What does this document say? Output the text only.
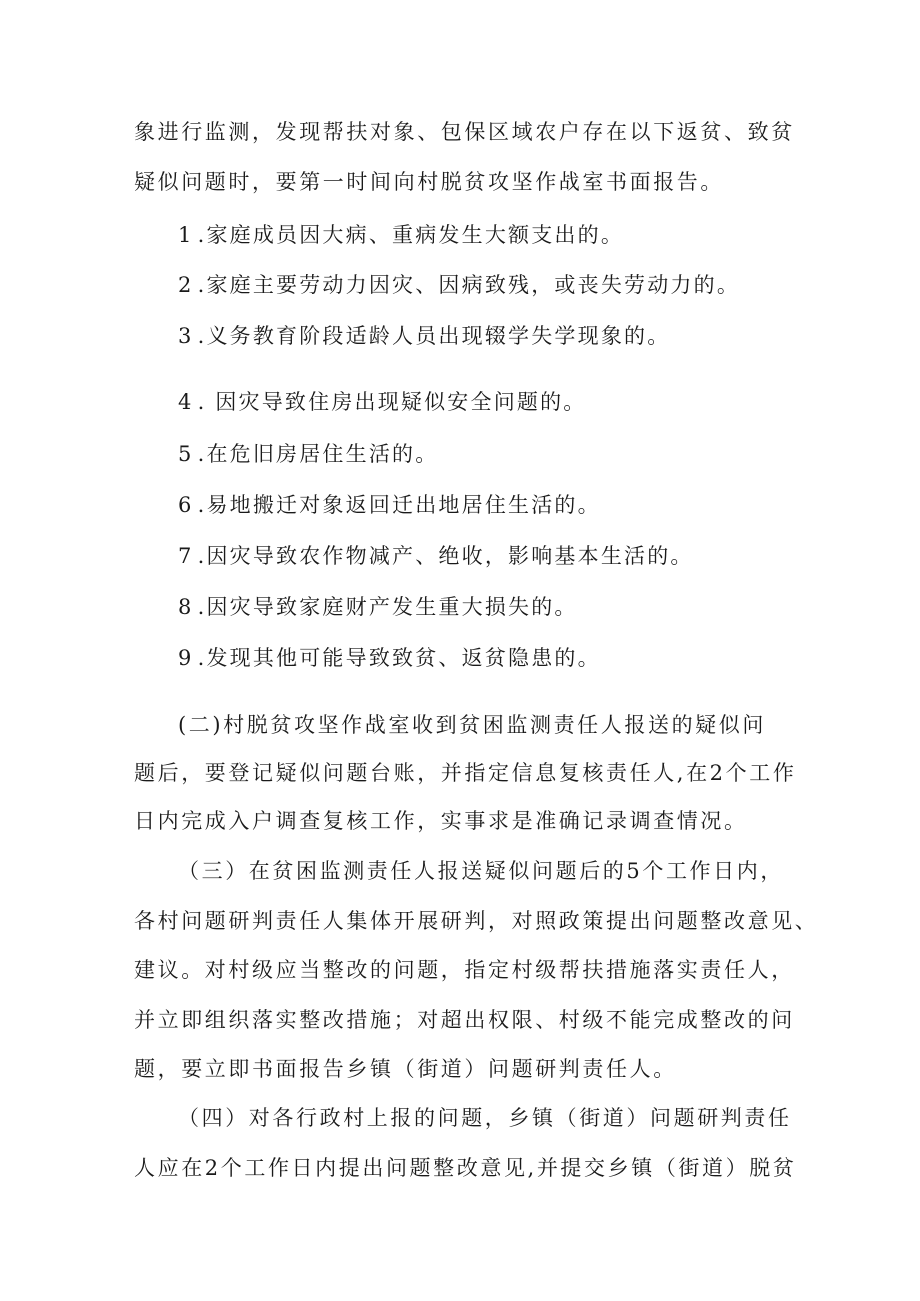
象进行监测，发现帮扶对象、包保区域农户存在以下返贫、致贫

疑似问题时，要第一时间向村脱贫攻坚作战室书面报告。

1 .家庭成员因大病、重病发生大额支出的。

2 .家庭主要劳动力因灾、因病致残，或丧失劳动力的。

3 .义务教育阶段适龄人员出现辍学失学现象的。

4 . 因灾导致住房出现疑似安全问题的。

5 .在危旧房居住生活的。

6 .易地搬迁对象返回迁出地居住生活的。

7 .因灾导致农作物减产、绝收，影响基本生活的。

8 .因灾导致家庭财产发生重大损失的。

9 .发现其他可能导致致贫、返贫隐患的。

(二)村脱贫攻坚作战室收到贫困监测责任人报送的疑似问

题后，要登记疑似问题台账，并指定信息复核责任人,在2个工作

日内完成入户调查复核工作，实事求是准确记录调查情况。

（三）在贫困监测责任人报送疑似问题后的5个工作日内，

各村问题研判责任人集体开展研判，对照政策提出问题整改意见、

建议。对村级应当整改的问题，指定村级帮扶措施落实责任人，

并立即组织落实整改措施；对超出权限、村级不能完成整改的问

题，要立即书面报告乡镇（街道）问题研判责任人。

（四）对各行政村上报的问题，乡镇（街道）问题研判责任

人应在2个工作日内提出问题整改意见,并提交乡镇（街道）脱贫
